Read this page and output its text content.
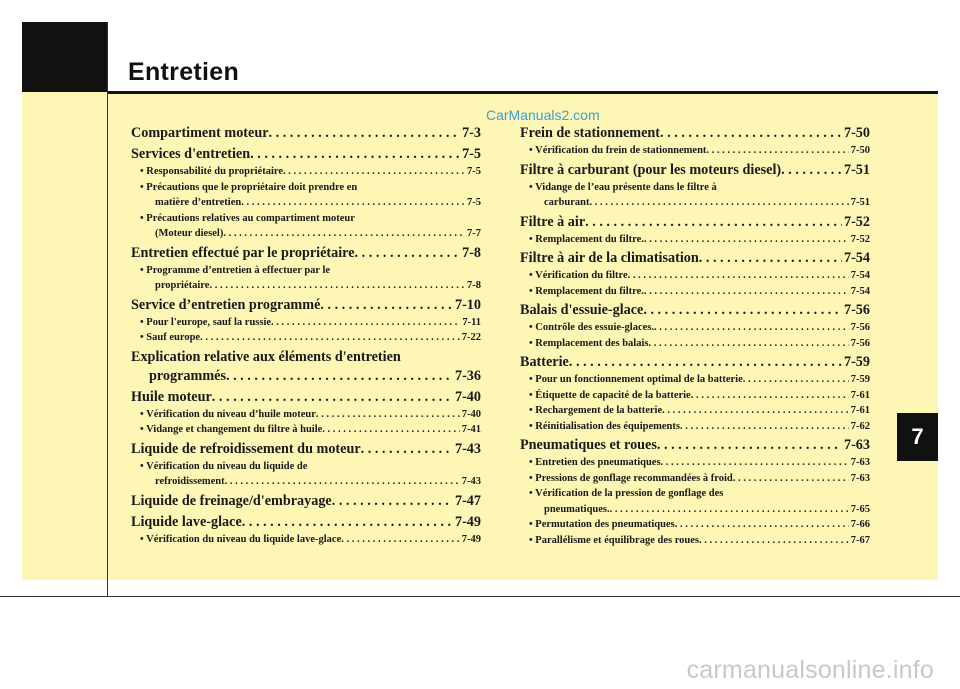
Entretien
CarManuals2.com
carmanualsonline.info
7
Compartiment moteur . . .	7-3
Services d'entretien . . .	7-5
• Responsabilité du propriétaire . . .	7-5
• Précautions que le propriétaire doit prendre en
matière d’entretien . . .	7-5
• Précautions relatives au compartiment moteur
(Moteur diesel) . . .	7-7
Entretien effectué par le propriétaire . . .	7-8
• Programme d’entretien à effectuer par le
propriétaire . . .	7-8
Service d’entretien programmé . . .	7-10
• Pour l'europe, sauf la russie . . .	7-11
• Sauf europe . . .	7-22
Explication relative aux éléments d'entretien
programmés . . .	7-36
Huile moteur . . .	7-40
• Vérification du niveau d’huile moteur . . .	7-40
• Vidange et changement du filtre à huile . . .	7-41
Liquide de refroidissement du moteur . . .	7-43
• Vérification du niveau du liquide de
refroidissement . . .	7-43
Liquide de freinage/d'embrayage . . .	7-47
Liquide lave-glace . . .	7-49
• Vérification du niveau du liquide lave-glace . . .	7-49
Frein de stationnement . . .	7-50
• Vérification du frein de stationnement . . .	7-50
Filtre à carburant (pour les moteurs diesel) . . .	7-51
• Vidange de l’eau présente dans le filtre à
carburant . . .	7-51
Filtre à air . . .	7-52
• Remplacement du filtre. . . .	7-52
Filtre à air de la climatisation . . .	7-54
• Vérification du filtre . . .	7-54
• Remplacement du filtre. . . .	7-54
Balais d'essuie-glace . . .	7-56
• Contrôle des essuie-glaces. . . .	7-56
• Remplacement des balais . . .	7-56
Batterie . . .	7-59
• Pour un fonctionnement optimal de la batterie . . .	7-59
• Étiquette de capacité de la batterie . . .	7-61
• Rechargement de la batterie . . .	7-61
• Réinitialisation des équipements . . .	7-62
Pneumatiques et roues . . .	7-63
• Entretien des pneumatiques . . .	7-63
• Pressions de gonflage recommandées à froid . . .	7-63
• Vérification de la pression de gonflage des
pneumatiques. . . .	7-65
• Permutation des pneumatiques . . .	7-66
• Parallélisme et équilibrage des roues . . .	7-67
